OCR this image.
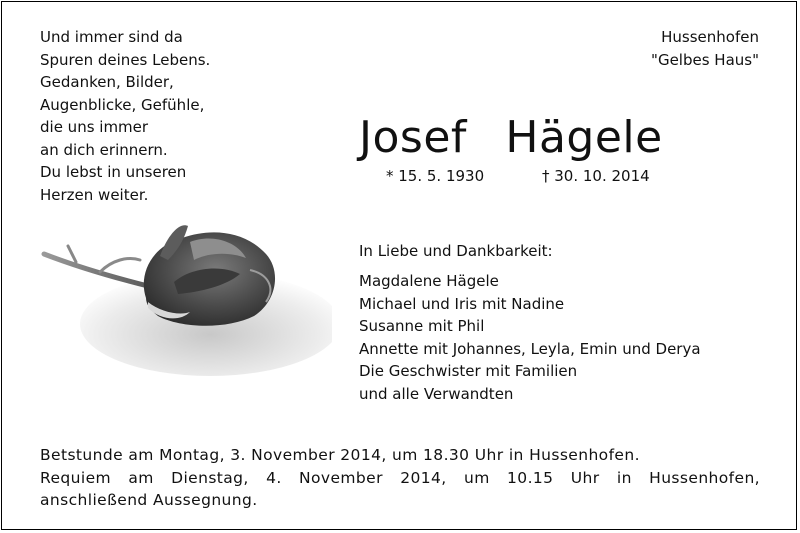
Und immer sind da
Spuren deines Lebens.
Gedanken, Bilder,
Augenblicke, Gefühle,
die uns immer
an dich erinnern.
Du lebst in unseren
Herzen weiter.
Hussenhofen
"Gelbes Haus"
Josef Hägele
* 15. 5. 1930	† 30. 10. 2014
In Liebe und Dankbarkeit:
Magdalene Hägele
Michael und Iris mit Nadine
Susanne mit Phil
Annette mit Johannes, Leyla, Emin und Derya
Die Geschwister mit Familien
und alle Verwandten
Betstunde am Montag, 3. November 2014, um 18.30 Uhr in Hussenhofen.
Requiem am Dienstag, 4. November 2014, um 10.15 Uhr in Hussenhofen,
anschließend Aussegnung.
